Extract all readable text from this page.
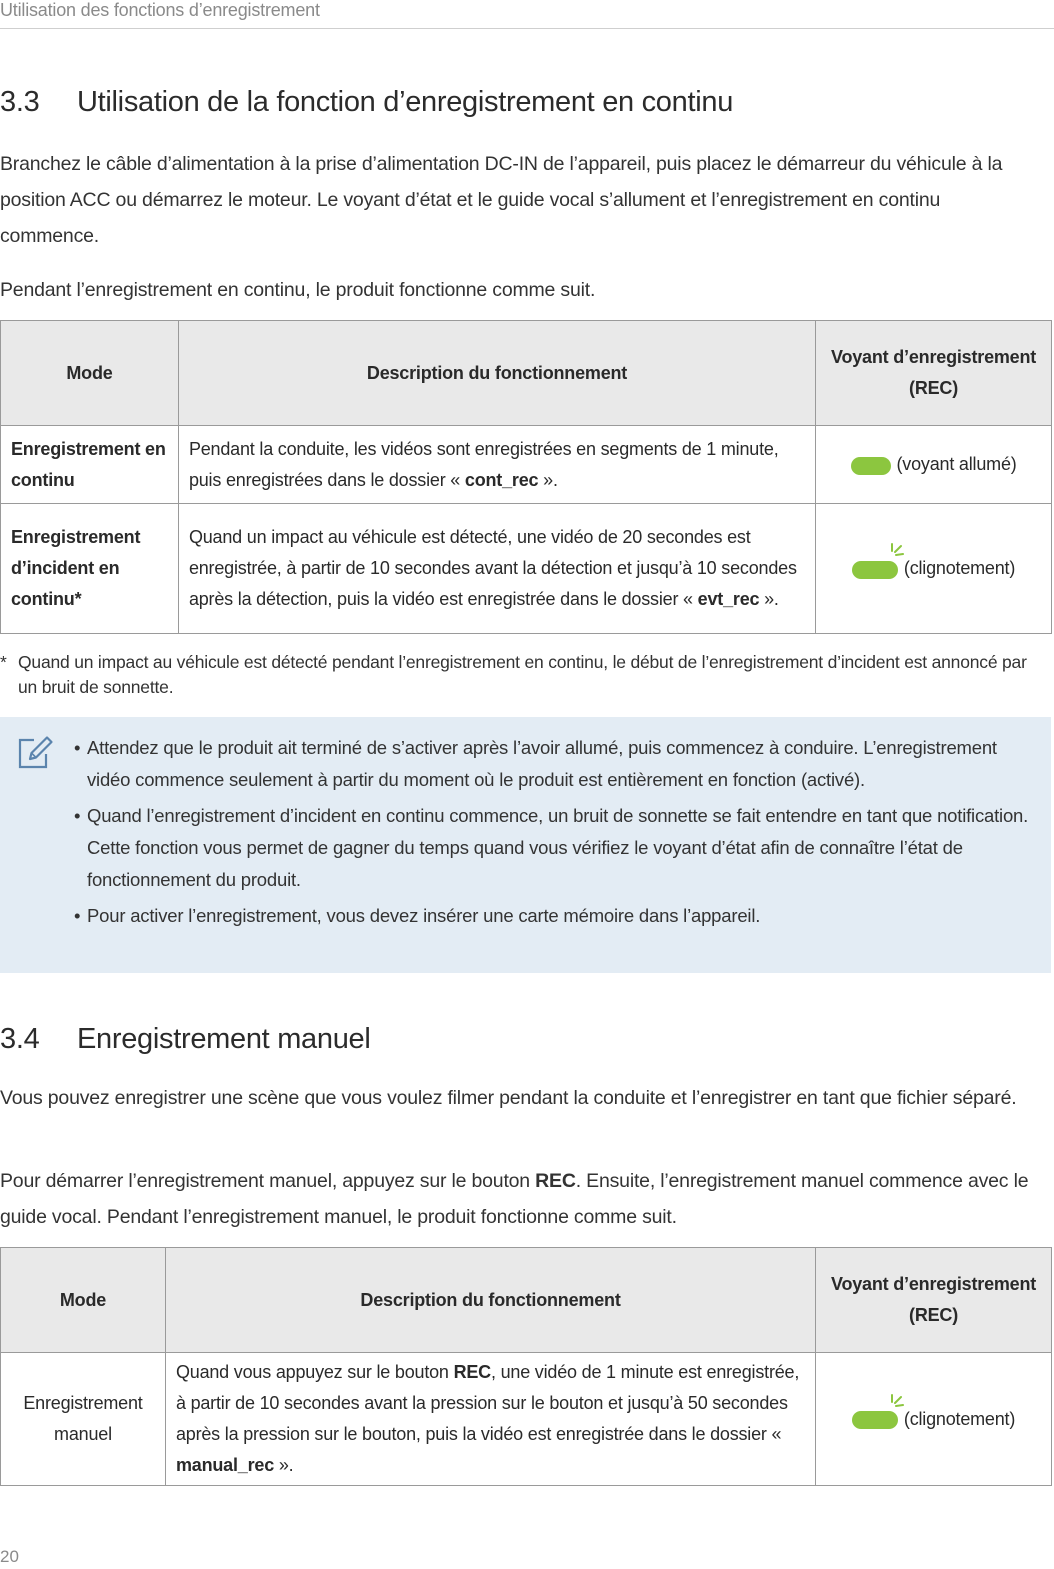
Utilisation des fonctions d’enregistrement
3.3 Utilisation de la fonction d’enregistrement en continu

Branchez le câble d’alimentation à la prise d’alimentation DC-IN de l’appareil, puis placez le démarreur du véhicule à la position ACC ou démarrez le moteur. Le voyant d’état et le guide vocal s’allument et l’enregistrement en continu commence.

Pendant l’enregistrement en continu, le produit fonctionne comme suit.

Mode	Description du fonctionnement	Voyant d’enregistrement (REC)
Enregistrement en continu	Pendant la conduite, les vidéos sont enregistrées en segments de 1 minute, puis enregistrées dans le dossier « cont_rec ».	(voyant allumé)
Enregistrement d’incident en continu*	Quand un impact au véhicule est détecté, une vidéo de 20 secondes est enregistrée, à partir de 10 secondes avant la détection et jusqu’à 10 secondes après la détection, puis la vidéo est enregistrée dans le dossier « evt_rec ».	(clignotement)
* Quand un impact au véhicule est détecté pendant l’enregistrement en continu, le début de l’enregistrement d’incident est annoncé par un bruit de sonnette.
• Attendez que le produit ait terminé de s’activer après l’avoir allumé, puis commencez à conduire. L’enregistrement vidéo commence seulement à partir du moment où le produit est entièrement en fonction (activé).
• Quand l’enregistrement d’incident en continu commence, un bruit de sonnette se fait entendre en tant que notification. Cette fonction vous permet de gagner du temps quand vous vérifiez le voyant d’état afin de connaître l’état de fonctionnement du produit.
• Pour activer l’enregistrement, vous devez insérer une carte mémoire dans l’appareil.
3.4 Enregistrement manuel

Vous pouvez enregistrer une scène que vous voulez filmer pendant la conduite et l’enregistrer en tant que fichier séparé.

Pour démarrer l’enregistrement manuel, appuyez sur le bouton REC. Ensuite, l’enregistrement manuel commence avec le guide vocal. Pendant l’enregistrement manuel, le produit fonctionne comme suit.

Mode	Description du fonctionnement	Voyant d’enregistrement (REC)
Enregistrement manuel	Quand vous appuyez sur le bouton REC, une vidéo de 1 minute est enregistrée, à partir de 10 secondes avant la pression sur le bouton et jusqu’à 50 secondes après la pression sur le bouton, puis la vidéo est enregistrée dans le dossier « manual_rec ».	(clignotement)
20
